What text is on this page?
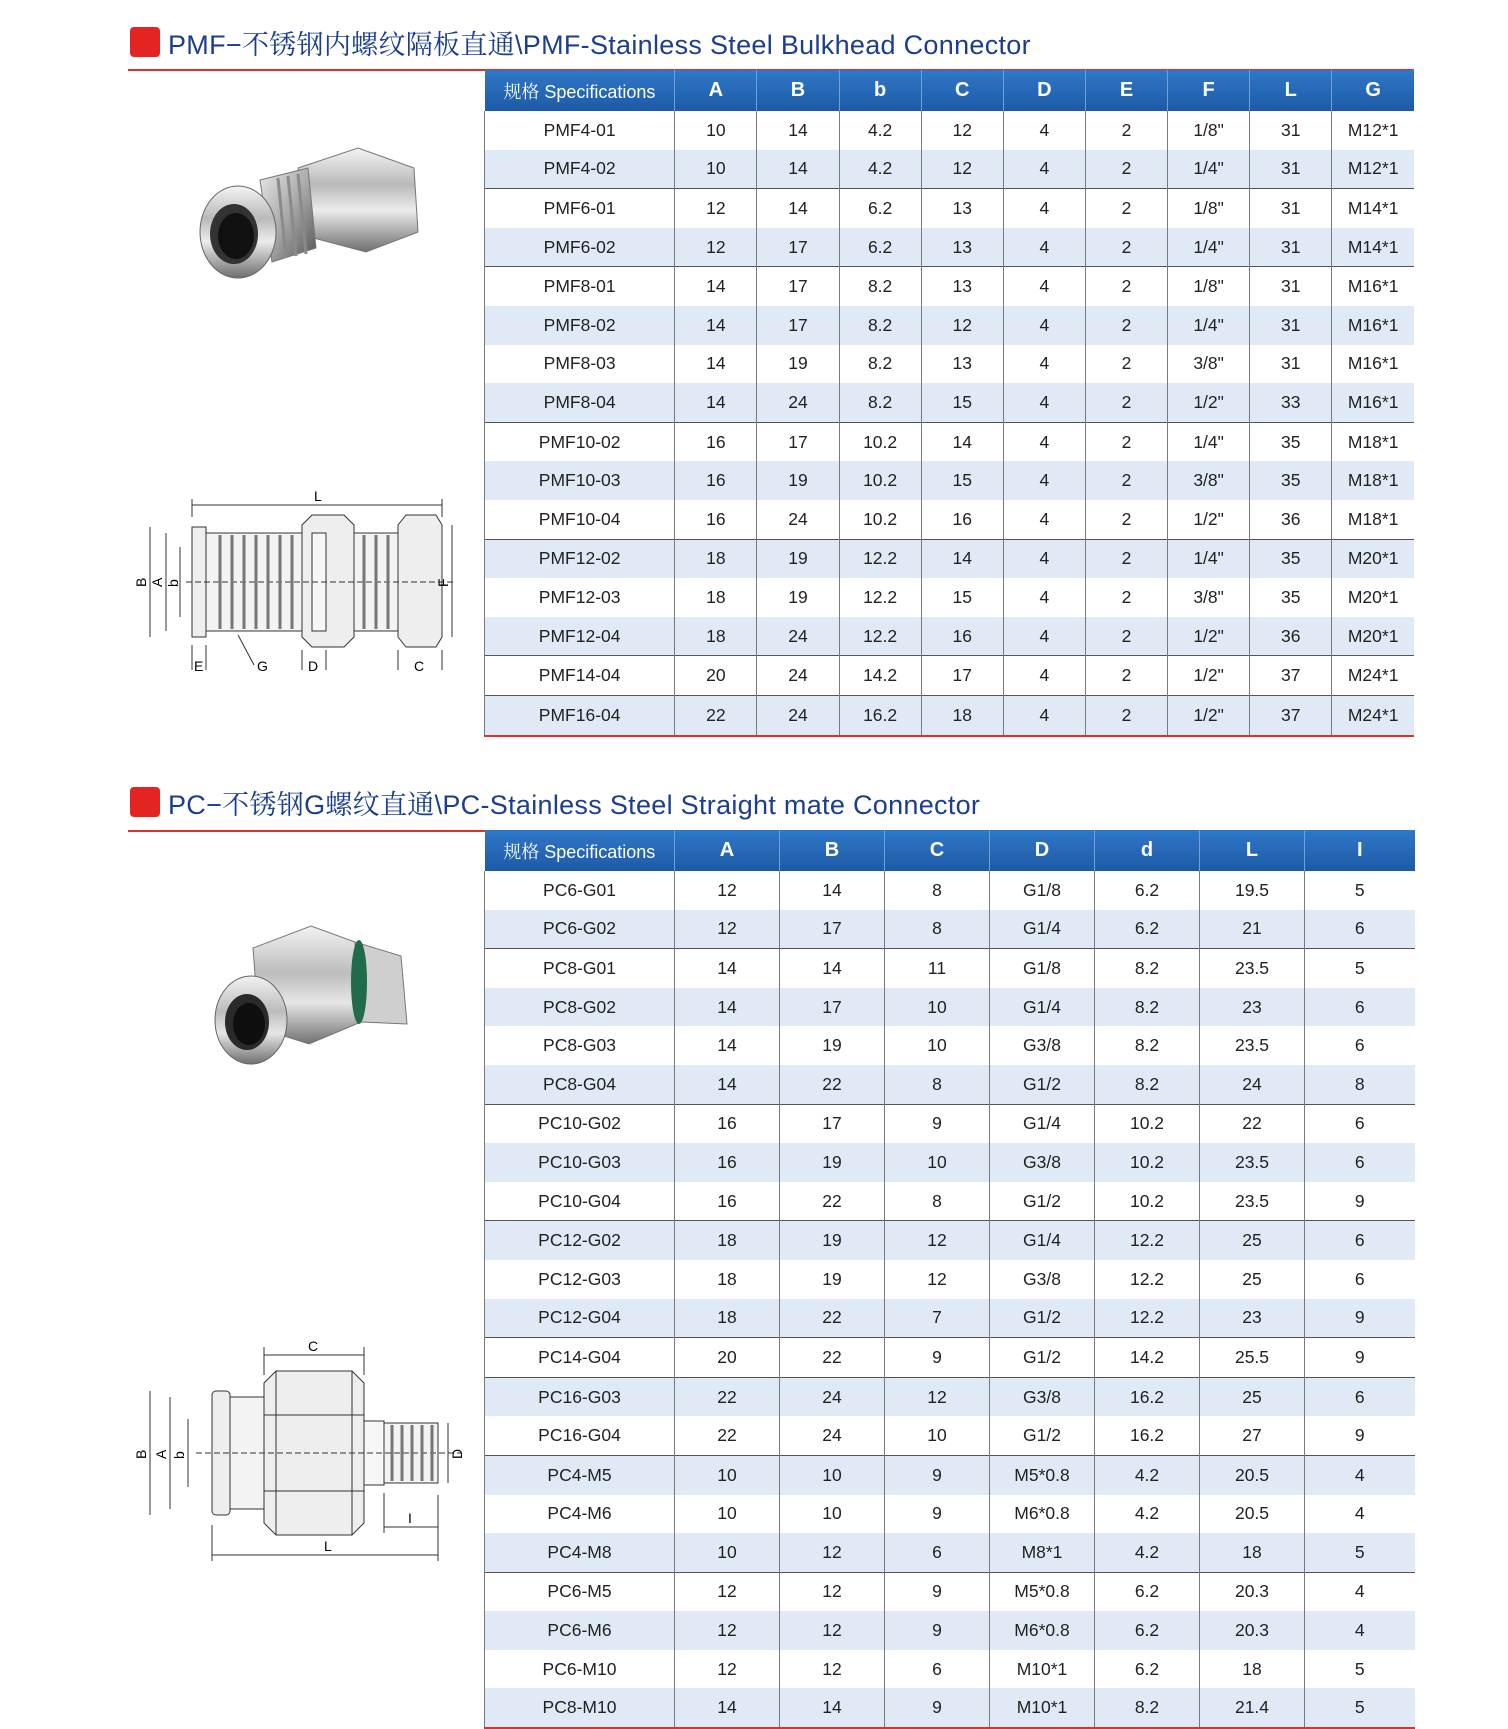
PMF−不锈钢内螺纹隔板直通\PMF-Stainless Steel Bulkhead Connector
L
B A b	F
E	G	D	C
规格 Specifications	A	B	b	C	D	E	F	L	G
PMF4-01	10	14	4.2	12	4	2	1/8"	31	M12*1
PMF4-02	10	14	4.2	12	4	2	1/4"	31	M12*1
PMF6-01	12	14	6.2	13	4	2	1/8"	31	M14*1
PMF6-02	12	17	6.2	13	4	2	1/4"	31	M14*1
PMF8-01	14	17	8.2	13	4	2	1/8"	31	M16*1
PMF8-02	14	17	8.2	12	4	2	1/4"	31	M16*1
PMF8-03	14	19	8.2	13	4	2	3/8"	31	M16*1
PMF8-04	14	24	8.2	15	4	2	1/2"	33	M16*1
PMF10-02	16	17	10.2	14	4	2	1/4"	35	M18*1
PMF10-03	16	19	10.2	15	4	2	3/8"	35	M18*1
PMF10-04	16	24	10.2	16	4	2	1/2"	36	M18*1
PMF12-02	18	19	12.2	14	4	2	1/4"	35	M20*1
PMF12-03	18	19	12.2	15	4	2	3/8"	35	M20*1
PMF12-04	18	24	12.2	16	4	2	1/2"	36	M20*1
PMF14-04	20	24	14.2	17	4	2	1/2"	37	M24*1
PMF16-04	22	24	16.2	18	4	2	1/2"	37	M24*1
PC−不锈钢G螺纹直通\PC-Stainless Steel Straight mate Connector
C
B A b	D
I
L
规格 Specifications	A	B	C	D	d	L	I
PC6-G01	12	14	8	G1/8	6.2	19.5	5
PC6-G02	12	17	8	G1/4	6.2	21	6
PC8-G01	14	14	11	G1/8	8.2	23.5	5
PC8-G02	14	17	10	G1/4	8.2	23	6
PC8-G03	14	19	10	G3/8	8.2	23.5	6
PC8-G04	14	22	8	G1/2	8.2	24	8
PC10-G02	16	17	9	G1/4	10.2	22	6
PC10-G03	16	19	10	G3/8	10.2	23.5	6
PC10-G04	16	22	8	G1/2	10.2	23.5	9
PC12-G02	18	19	12	G1/4	12.2	25	6
PC12-G03	18	19	12	G3/8	12.2	25	6
PC12-G04	18	22	7	G1/2	12.2	23	9
PC14-G04	20	22	9	G1/2	14.2	25.5	9
PC16-G03	22	24	12	G3/8	16.2	25	6
PC16-G04	22	24	10	G1/2	16.2	27	9
PC4-M5	10	10	9	M5*0.8	4.2	20.5	4
PC4-M6	10	10	9	M6*0.8	4.2	20.5	4
PC4-M8	10	12	6	M8*1	4.2	18	5
PC6-M5	12	12	9	M5*0.8	6.2	20.3	4
PC6-M6	12	12	9	M6*0.8	6.2	20.3	4
PC6-M10	12	12	6	M10*1	6.2	18	5
PC8-M10	14	14	9	M10*1	8.2	21.4	5
